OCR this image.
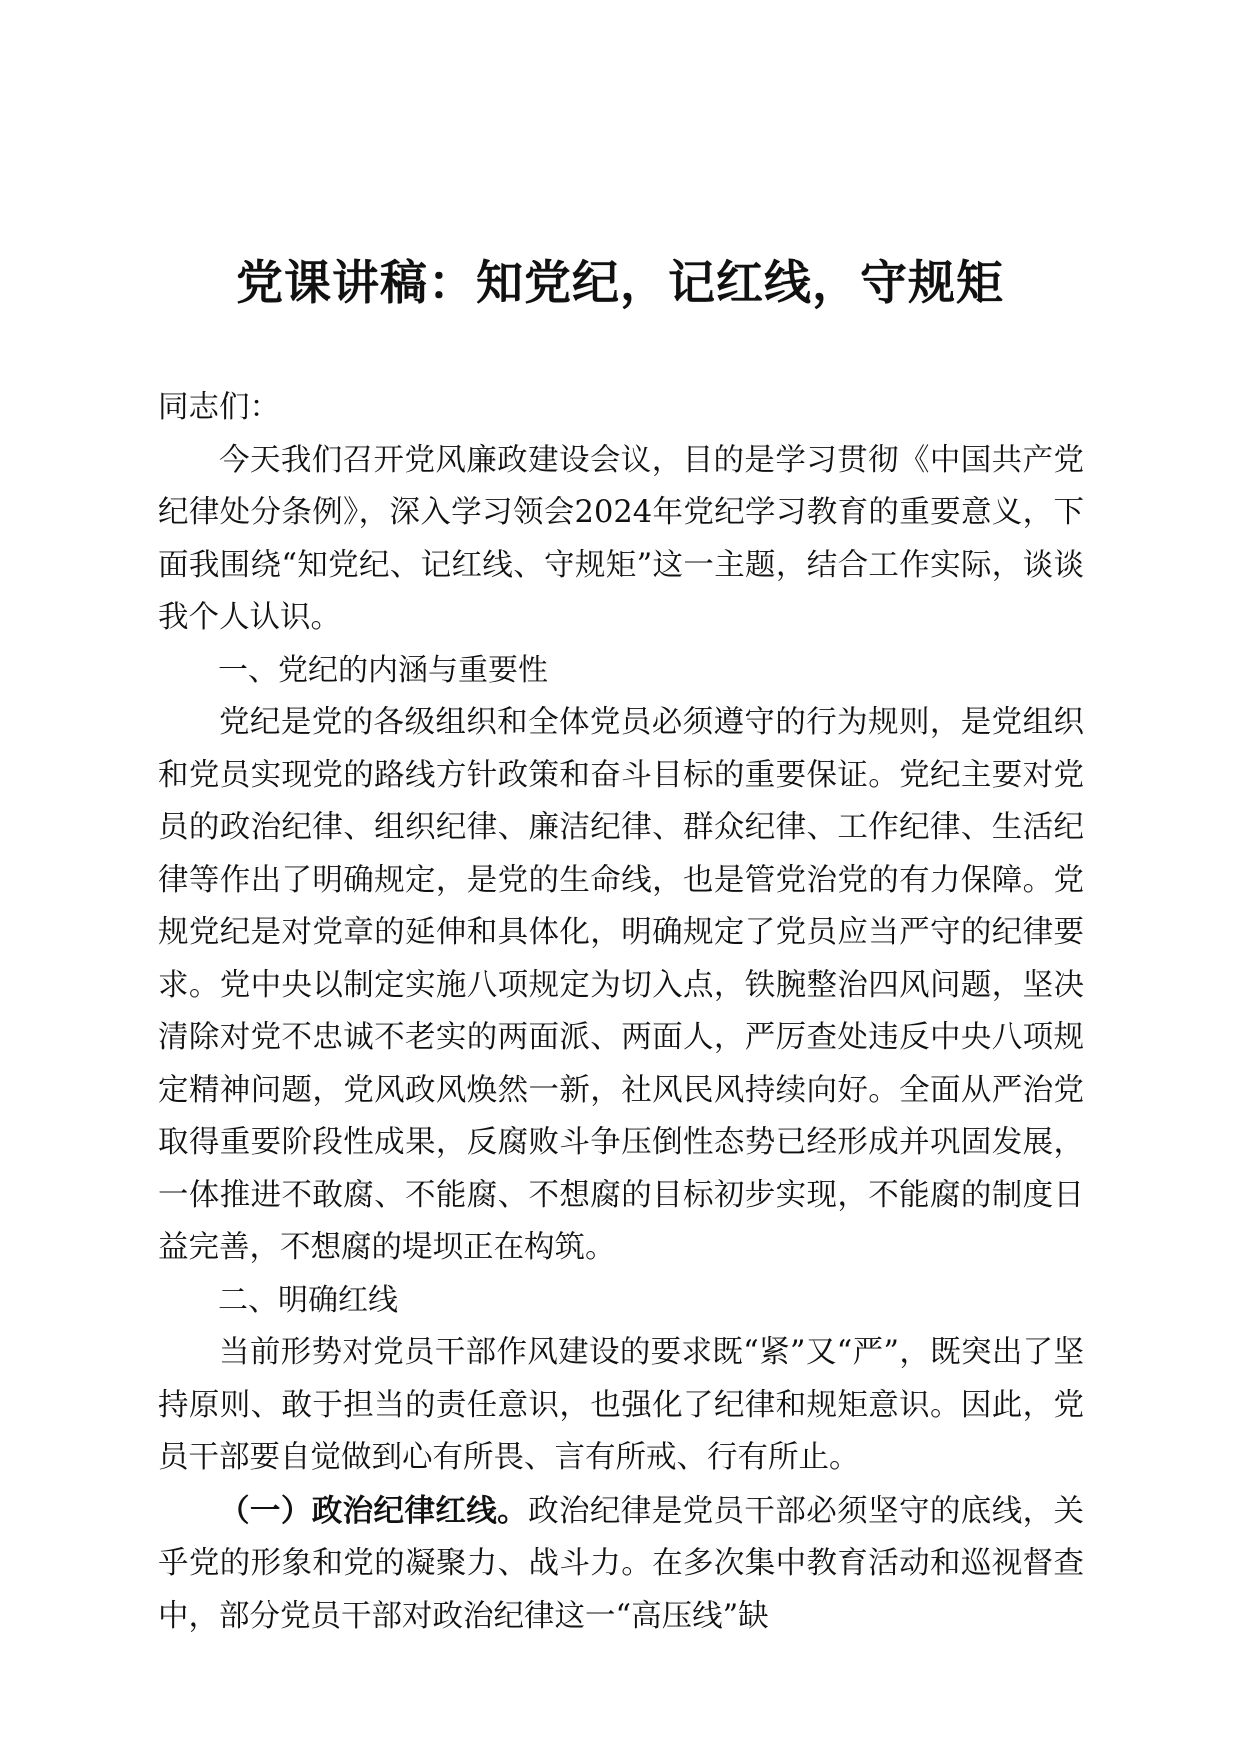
党课讲稿：知党纪，记红线，守规矩

同志们：

今天我们召开党风廉政建设会议，目的是学习贯彻《中国共产党纪律处分条例》，深入学习领会2024年党纪学习教育的重要意义，下面我围绕“知党纪、记红线、守规矩”这一主题，结合工作实际，谈谈我个人认识。

一、党纪的内涵与重要性

党纪是党的各级组织和全体党员必须遵守的行为规则，是党组织和党员实现党的路线方针政策和奋斗目标的重要保证。党纪主要对党员的政治纪律、组织纪律、廉洁纪律、群众纪律、工作纪律、生活纪律等作出了明确规定，是党的生命线，也是管党治党的有力保障。党规党纪是对党章的延伸和具体化，明确规定了党员应当严守的纪律要求。党中央以制定实施八项规定为切入点，铁腕整治四风问题，坚决清除对党不忠诚不老实的两面派、两面人，严厉查处违反中央八项规定精神问题，党风政风焕然一新，社风民风持续向好。全面从严治党取得重要阶段性成果，反腐败斗争压倒性态势已经形成并巩固发展，一体推进不敢腐、不能腐、不想腐的目标初步实现，不能腐的制度日益完善，不想腐的堤坝正在构筑。

二、明确红线

当前形势对党员干部作风建设的要求既“紧”又“严”，既突出了坚持原则、敢于担当的责任意识，也强化了纪律和规矩意识。因此，党员干部要自觉做到心有所畏、言有所戒、行有所止。

（一）政治纪律红线。政治纪律是党员干部必须坚守的底线，关乎党的形象和党的凝聚力、战斗力。在多次集中教育活动和巡视督查中，部分党员干部对政治纪律这一“高压线”缺
